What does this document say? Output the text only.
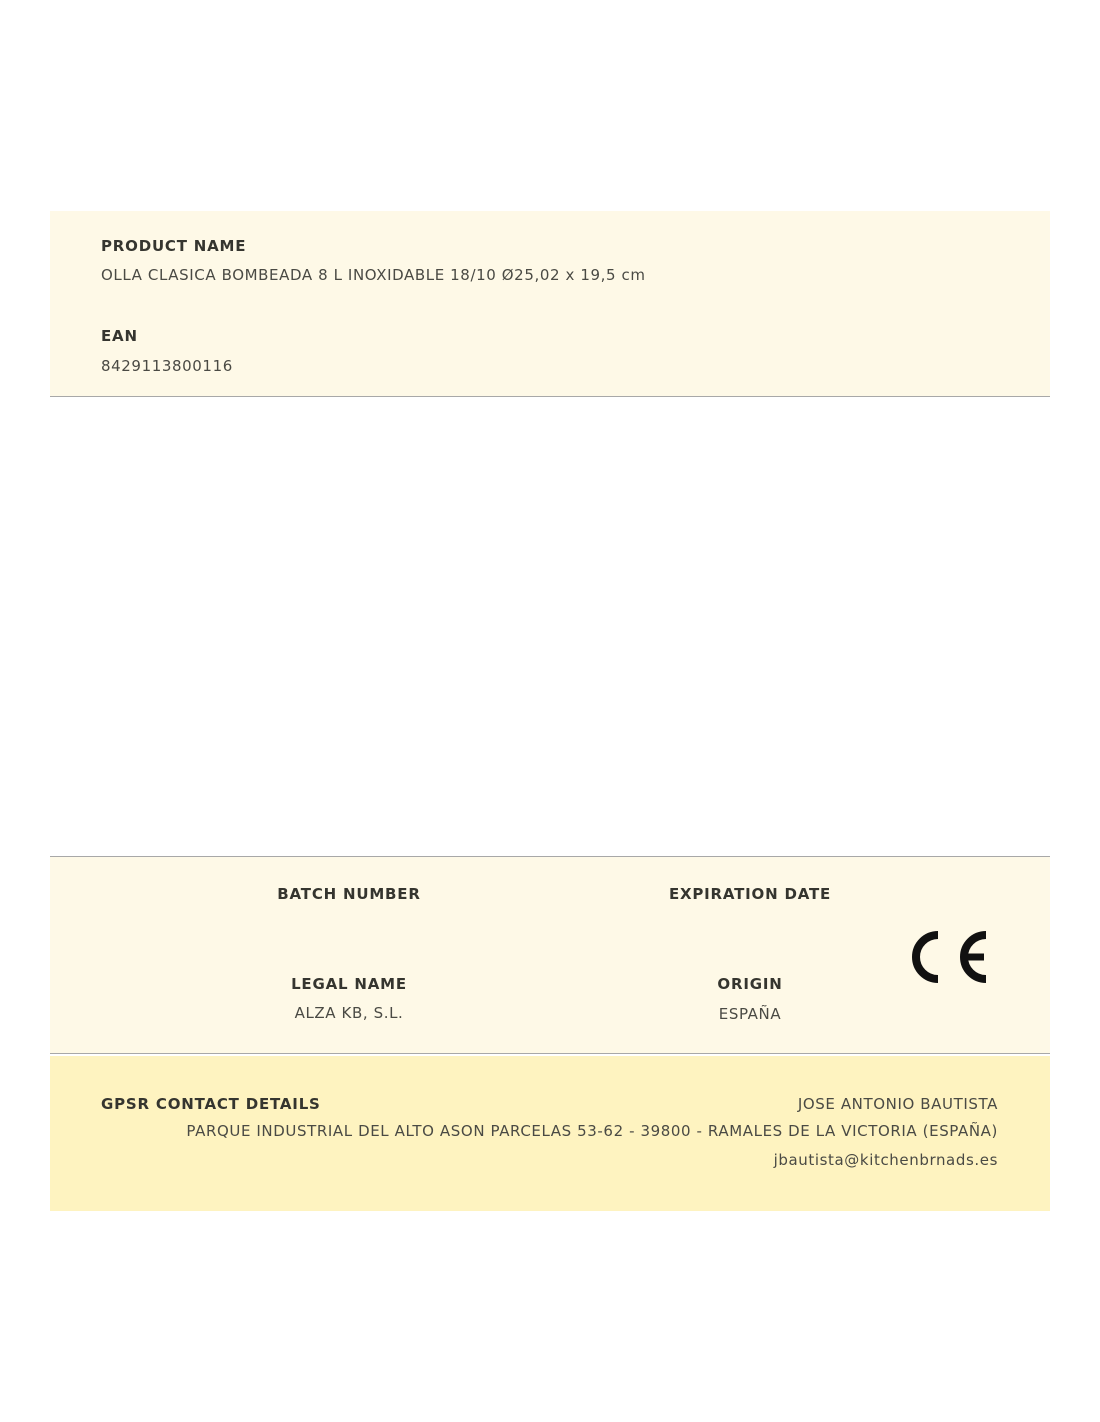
PRODUCT NAME
OLLA CLASICA BOMBEADA 8 L INOXIDABLE 18/10 Ø25,02 x 19,5 cm
EAN
8429113800116
BATCH NUMBER	EXPIRATION DATE
LEGAL NAME
ALZA KB, S.L.
ORIGIN
ESPAÑA
GPSR CONTACT DETAILS	JOSE ANTONIO BAUTISTA
PARQUE INDUSTRIAL DEL ALTO ASON PARCELAS 53-62 - 39800 - RAMALES DE LA VICTORIA (ESPAÑA)
jbautista@kitchenbrnads.es
